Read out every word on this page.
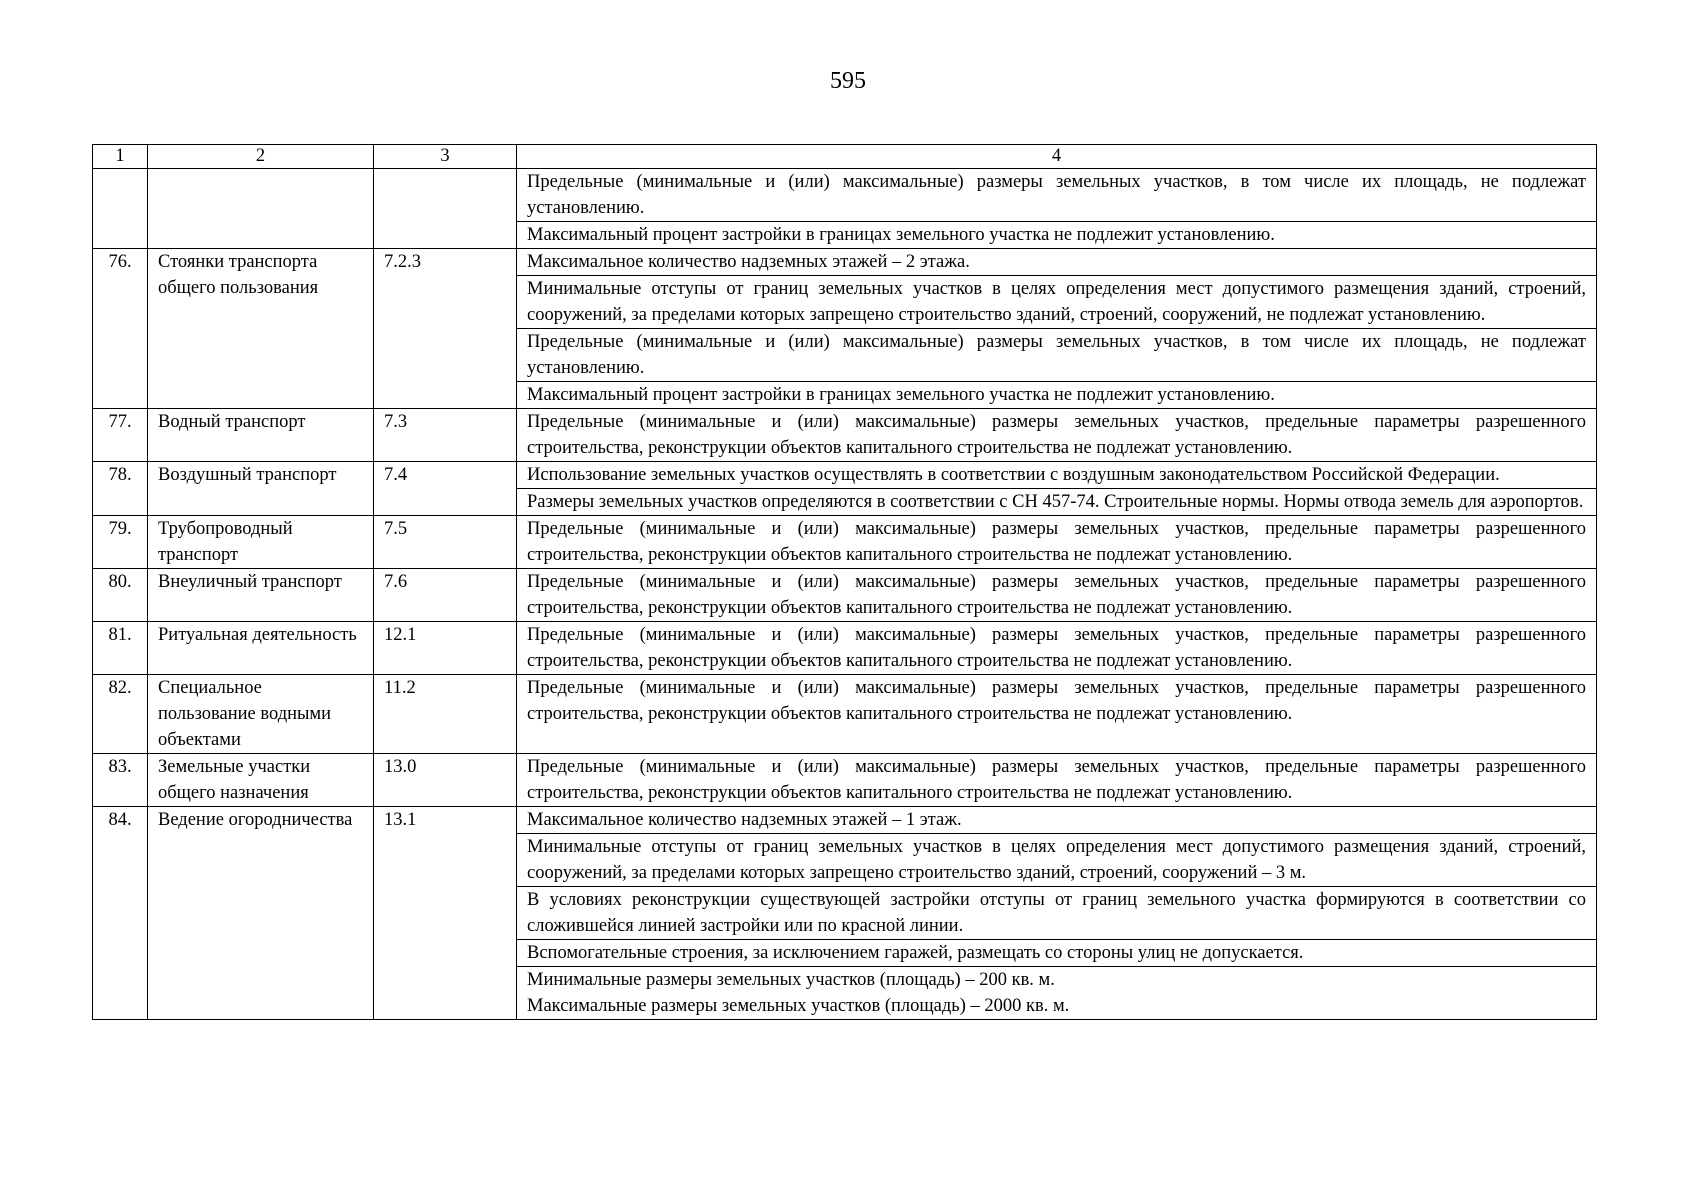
595
1	2	3	4
			Предельные (минимальные и (или) максимальные) размеры земельных участков, в том числе их площадь, не подлежат установлению.
			Максимальный процент застройки в границах земельного участка не подлежит установлению.
76.	Стоянки транспорта общего пользования	7.2.3	Максимальное количество надземных этажей – 2 этажа.
			Минимальные отступы от границ земельных участков в целях определения мест допустимого размещения зданий, строений, сооружений, за пределами которых запрещено строительство зданий, строений, сооружений, не подлежат установлению.
			Предельные (минимальные и (или) максимальные) размеры земельных участков, в том числе их площадь, не подлежат установлению.
			Максимальный процент застройки в границах земельного участка не подлежит установлению.
77.	Водный транспорт	7.3	Предельные (минимальные и (или) максимальные) размеры земельных участков, предельные параметры разрешенного строительства, реконструкции объектов капитального строительства не подлежат установлению.
78.	Воздушный транспорт	7.4	Использование земельных участков осуществлять в соответствии с воздушным законодательством Российской Федерации.
			Размеры земельных участков определяются в соответствии с СН 457-74. Строительные нормы. Нормы отвода земель для аэропортов.
79.	Трубопроводный транспорт	7.5	Предельные (минимальные и (или) максимальные) размеры земельных участков, предельные параметры разрешенного строительства, реконструкции объектов капитального строительства не подлежат установлению.
80.	Внеуличный транспорт	7.6	Предельные (минимальные и (или) максимальные) размеры земельных участков, предельные параметры разрешенного строительства, реконструкции объектов капитального строительства не подлежат установлению.
81.	Ритуальная деятельность	12.1	Предельные (минимальные и (или) максимальные) размеры земельных участков, предельные параметры разрешенного строительства, реконструкции объектов капитального строительства не подлежат установлению.
82.	Специальное пользование водными объектами	11.2	Предельные (минимальные и (или) максимальные) размеры земельных участков, предельные параметры разрешенного строительства, реконструкции объектов капитального строительства не подлежат установлению.
83.	Земельные участки общего назначения	13.0	Предельные (минимальные и (или) максимальные) размеры земельных участков, предельные параметры разрешенного строительства, реконструкции объектов капитального строительства не подлежат установлению.
84.	Ведение огородничества	13.1	Максимальное количество надземных этажей – 1 этаж.
			Минимальные отступы от границ земельных участков в целях определения мест допустимого размещения зданий, строений, сооружений, за пределами которых запрещено строительство зданий, строений, сооружений – 3 м.
			В условиях реконструкции существующей застройки отступы от границ земельного участка формируются в соответствии со сложившейся линией застройки или по красной линии.
			Вспомогательные строения, за исключением гаражей, размещать со стороны улиц не допускается.

			Минимальные размеры земельных участков (площадь) – 200 кв. м.
Максимальные размеры земельных участков (площадь) – 2000 кв. м.
